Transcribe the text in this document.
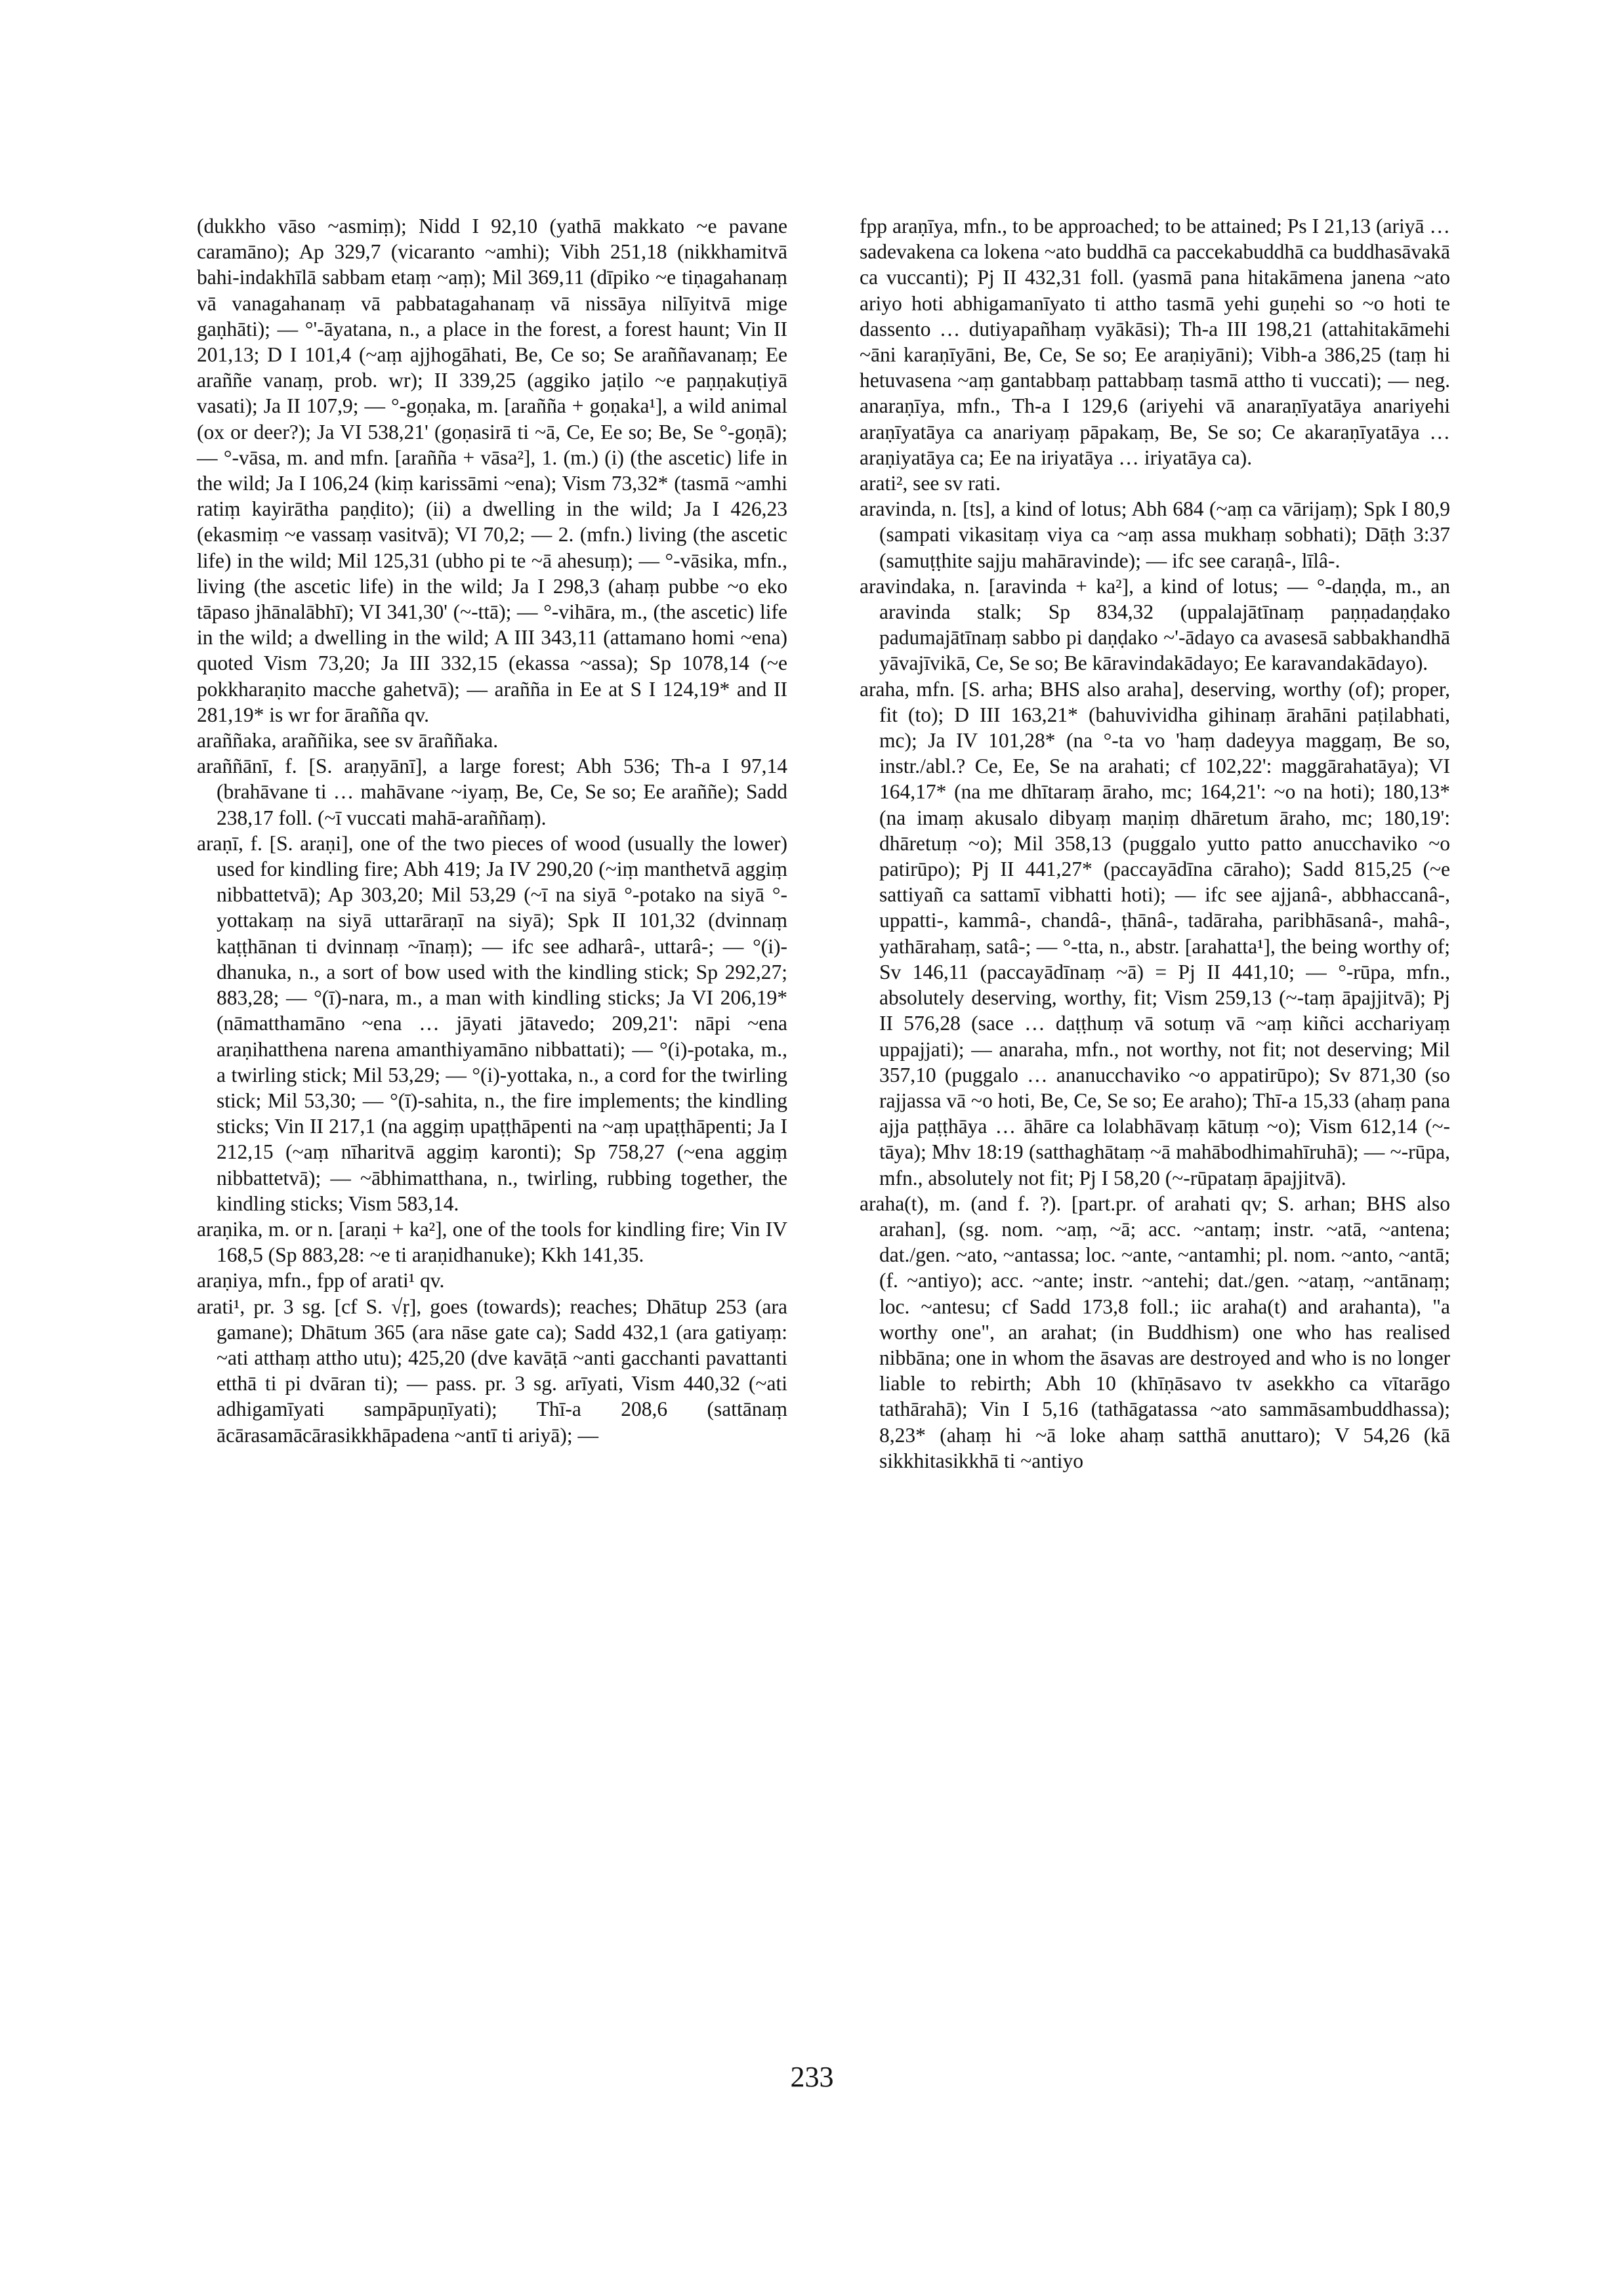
(dukkho vāso ~asmiṃ); Nidd I 92,10 (yathā makkato ~e pavane caramāno); Ap 329,7 (vicaranto ~amhi); Vibh 251,18 (nikkhamitvā bahi-indakhīlā sabbam etaṃ ~aṃ); Mil 369,11 (dīpiko ~e tiṇagahanaṃ vā vanagahanaṃ vā pabbatagahanaṃ vā nissāya nilīyitvā mige gaṇhāti); — °'-āyatana, n., a place in the forest, a forest haunt; Vin II 201,13; D I 101,4 (~aṃ ajjhogāhati, Be, Ce so; Se araññavanaṃ; Ee araññe vanaṃ, prob. wr); II 339,25 (aggiko jaṭilo ~e paṇṇakuṭiyā vasati); Ja II 107,9; — °-goṇaka, m. [arañña + goṇaka¹], a wild animal (ox or deer?); Ja VI 538,21' (goṇasirā ti ~ā, Ce, Ee so; Be, Se °-goṇā); — °-vāsa, m. and mfn. [arañña + vāsa²], 1. (m.) (i) (the ascetic) life in the wild; Ja I 106,24 (kiṃ karissāmi ~ena); Vism 73,32* (tasmā ~amhi ratiṃ kayirātha paṇḍito); (ii) a dwelling in the wild; Ja I 426,23 (ekasmiṃ ~e vassaṃ vasitvā); VI 70,2; — 2. (mfn.) living (the ascetic life) in the wild; Mil 125,31 (ubho pi te ~ā ahesuṃ); — °-vāsika, mfn., living (the ascetic life) in the wild; Ja I 298,3 (ahaṃ pubbe ~o eko tāpaso jhānalābhī); VI 341,30' (~-ttā); — °-vihāra, m., (the ascetic) life in the wild; a dwelling in the wild; A III 343,11 (attamano homi ~ena) quoted Vism 73,20; Ja III 332,15 (ekassa ~assa); Sp 1078,14 (~e pokkharaṇito macche gahetvā); — arañña in Ee at S I 124,19* and II 281,19* is wr for ārañña qv.

araññaka, araññika, see sv āraññaka.

araññānī, f. [S. araṇyānī], a large forest; Abh 536; Th-a I 97,14 (brahāvane ti … mahāvane ~iyaṃ, Be, Ce, Se so; Ee araññe); Sadd 238,17 foll. (~ī vuccati mahā-araññaṃ).

araṇī, f. [S. araṇi], one of the two pieces of wood (usually the lower) used for kindling fire; Abh 419; Ja IV 290,20 (~iṃ manthetvā aggiṃ nibbattetvā); Ap 303,20; Mil 53,29 (~ī na siyā °-potako na siyā °-yottakaṃ na siyā uttarāraṇī na siyā); Spk II 101,32 (dvinnaṃ kaṭṭhānan ti dvinnaṃ ~īnaṃ); — ifc see adharâ-, uttarâ-; — °(i)-dhanuka, n., a sort of bow used with the kindling stick; Sp 292,27; 883,28; — °(ī)-nara, m., a man with kindling sticks; Ja VI 206,19* (nāmatthamāno ~ena … jāyati jātavedo; 209,21': nāpi ~ena araṇihatthena narena amanthiyamāno nibbattati); — °(i)-potaka, m., a twirling stick; Mil 53,29; — °(i)-yottaka, n., a cord for the twirling stick; Mil 53,30; — °(ī)-sahita, n., the fire implements; the kindling sticks; Vin II 217,1 (na aggiṃ upaṭṭhāpenti na ~aṃ upaṭṭhāpenti; Ja I 212,15 (~aṃ nīharitvā aggiṃ karonti); Sp 758,27 (~ena aggiṃ nibbattetvā); — ~ābhimatthana, n., twirling, rubbing together, the kindling sticks; Vism 583,14.

araṇika, m. or n. [araṇi + ka²], one of the tools for kindling fire; Vin IV 168,5 (Sp 883,28: ~e ti araṇidhanuke); Kkh 141,35.

araṇiya, mfn., fpp of arati¹ qv.

arati¹, pr. 3 sg. [cf S. √ṛ], goes (towards); reaches; Dhātup 253 (ara gamane); Dhātum 365 (ara nāse gate ca); Sadd 432,1 (ara gatiyaṃ: ~ati atthaṃ attho utu); 425,20 (dve kavāṭā ~anti gacchanti pavattanti etthā ti pi dvāran ti); — pass. pr. 3 sg. arīyati, Vism 440,32 (~ati adhigamīyati sampāpuṇīyati); Thī-a 208,6 (sattānaṃ ācārasamācārasikkhāpadena ~antī ti ariyā); —

fpp araṇīya, mfn., to be approached; to be attained; Ps I 21,13 (ariyā … sadevakena ca lokena ~ato buddhā ca paccekabuddhā ca buddhasāvakā ca vuccanti); Pj II 432,31 foll. (yasmā pana hitakāmena janena ~ato ariyo hoti abhigamanīyato ti attho tasmā yehi guṇehi so ~o hoti te dassento … dutiyapañhaṃ vyākāsi); Th-a III 198,21 (attahitakāmehi ~āni karaṇīyāni, Be, Ce, Se so; Ee araṇiyāni); Vibh-a 386,25 (taṃ hi hetuvasena ~aṃ gantabbaṃ pattabbaṃ tasmā attho ti vuccati); — neg. anaraṇīya, mfn., Th-a I 129,6 (ariyehi vā anaraṇīyatāya anariyehi araṇīyatāya ca anariyaṃ pāpakaṃ, Be, Se so; Ce akaraṇīyatāya … araṇiyatāya ca; Ee na iriyatāya … iriyatāya ca).

arati², see sv rati.

aravinda, n. [ts], a kind of lotus; Abh 684 (~aṃ ca vārijaṃ); Spk I 80,9 (sampati vikasitaṃ viya ca ~aṃ assa mukhaṃ sobhati); Dāṭh 3:37 (samuṭṭhite sajju mahāravinde); — ifc see caraṇâ-, līlâ-.

aravindaka, n. [aravinda + ka²], a kind of lotus; — °-daṇḍa, m., an aravinda stalk; Sp 834,32 (uppalajātīnaṃ paṇṇadaṇḍako padumajātīnaṃ sabbo pi daṇḍako ~'-ādayo ca avasesā sabbakhandhā yāvajīvikā, Ce, Se so; Be kāravindakādayo; Ee karavandakādayo).

araha, mfn. [S. arha; BHS also araha], deserving, worthy (of); proper, fit (to); D III 163,21* (bahuvividha gihinaṃ ārahāni paṭilabhati, mc); Ja IV 101,28* (na °-ta vo 'haṃ dadeyya maggaṃ, Be so, instr./abl.? Ce, Ee, Se na arahati; cf 102,22': maggārahatāya); VI 164,17* (na me dhītaraṃ āraho, mc; 164,21': ~o na hoti); 180,13* (na imaṃ akusalo dibyaṃ maṇiṃ dhāretum āraho, mc; 180,19': dhāretuṃ ~o); Mil 358,13 (puggalo yutto patto anucchaviko ~o patirūpo); Pj II 441,27* (paccayādīna cāraho); Sadd 815,25 (~e sattiyañ ca sattamī vibhatti hoti); — ifc see ajjanâ-, abbhaccanâ-, uppatti-, kammâ-, chandâ-, ṭhānâ-, tadāraha, paribhāsanâ-, mahâ-, yathārahaṃ, satâ-; — °-tta, n., abstr. [arahatta¹], the being worthy of; Sv 146,11 (paccayādīnaṃ ~ā) = Pj II 441,10; — °-rūpa, mfn., absolutely deserving, worthy, fit; Vism 259,13 (~-taṃ āpajjitvā); Pj II 576,28 (sace … daṭṭhuṃ vā sotuṃ vā ~aṃ kiñci acchariyaṃ uppajjati); — anaraha, mfn., not worthy, not fit; not deserving; Mil 357,10 (puggalo … ananucchaviko ~o appatirūpo); Sv 871,30 (so rajjassa vā ~o hoti, Be, Ce, Se so; Ee araho); Thī-a 15,33 (ahaṃ pana ajja paṭṭhāya … āhāre ca lolabhāvaṃ kātuṃ ~o); Vism 612,14 (~-tāya); Mhv 18:19 (satthaghātaṃ ~ā mahābodhimahīruhā); — ~-rūpa, mfn., absolutely not fit; Pj I 58,20 (~-rūpataṃ āpajjitvā).

araha(t), m. (and f. ?). [part.pr. of arahati qv; S. arhan; BHS also arahan], (sg. nom. ~aṃ, ~ā; acc. ~antaṃ; instr. ~atā, ~antena; dat./gen. ~ato, ~antassa; loc. ~ante, ~antamhi; pl. nom. ~anto, ~antā; (f. ~antiyo); acc. ~ante; instr. ~antehi; dat./gen. ~ataṃ, ~antānaṃ; loc. ~antesu; cf Sadd 173,8 foll.; iic araha(t) and arahanta), "a worthy one", an arahat; (in Buddhism) one who has realised nibbāna; one in whom the āsavas are destroyed and who is no longer liable to rebirth; Abh 10 (khīṇāsavo tv asekkho ca vītarāgo tathārahā); Vin I 5,16 (tathāgatassa ~ato sammāsambuddhassa); 8,23* (ahaṃ hi ~ā loke ahaṃ satthā anuttaro); V 54,26 (kā sikkhitasikkhā ti ~antiyo

233
